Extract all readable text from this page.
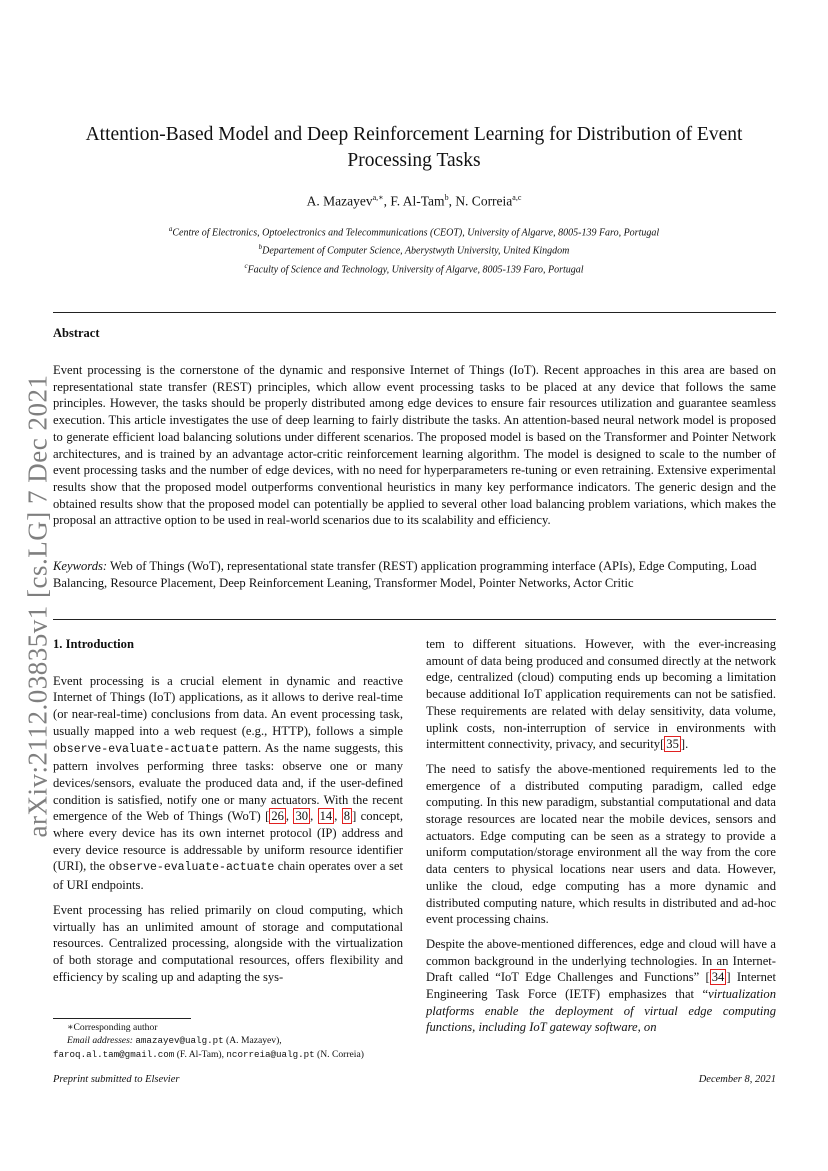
arXiv:2112.03835v1 [cs.LG] 7 Dec 2021
Attention-Based Model and Deep Reinforcement Learning for Distribution of Event
Processing Tasks
A. Mazayev$^{a,∗}$, F. Al-Tam$^b$, N. Correia$^{a,c}$
$^a$Centre of Electronics, Optoelectronics and Telecommunications (CEOT), University of Algarve, 8005-139 Faro, Portugal
$^b$Departement of Computer Science, Aberystwyth University, United Kingdom
$^c$Faculty of Science and Technology, University of Algarve, 8005-139 Faro, Portugal
Abstract
Event processing is the cornerstone of the dynamic and responsive Internet of Things (IoT). Recent approaches in this area are based on representational state transfer (REST) principles, which allow event processing tasks to be placed at any device that follows the same principles. However, the tasks should be properly distributed among edge devices to ensure fair resources utilization and guarantee seamless execution. This article investigates the use of deep learning to fairly distribute the tasks. An attention-based neural network model is proposed to generate efficient load balancing solutions under different scenarios. The proposed model is based on the Transformer and Pointer Network architectures, and is trained by an advantage actor-critic reinforcement learning algorithm. The model is designed to scale to the number of event processing tasks and the number of edge devices, with no need for hyperparameters re-tuning or even retraining. Extensive experimental results show that the proposed model outperforms conventional heuristics in many key performance indicators. The generic design and the obtained results show that the proposed model can potentially be applied to several other load balancing problem variations, which makes the proposal an attractive option to be used in real-world scenarios due to its scalability and efficiency.
Keywords: Web of Things (WoT), representational state transfer (REST) application programming interface (APIs), Edge Computing, Load Balancing, Resource Placement, Deep Reinforcement Leaning, Transformer Model, Pointer Networks, Actor Critic
1. Introduction

Event processing is a crucial element in dynamic and reactive Internet of Things (IoT) applications, as it allows to derive real-time (or near-real-time) conclusions from data. An event processing task, usually mapped into a web request (e.g., HTTP), follows a simple observe-evaluate-actuate pattern. As the name suggests, this pattern involves performing three tasks: observe one or many devices/sensors, evaluate the produced data and, if the user-defined condition is satisfied, notify one or many actuators. With the recent emergence of the Web of Things (WoT) [ 26 , 30 , 14 , 8 ] concept, where every device has its own internet protocol (IP) address and every device resource is addressable by uniform resource identifier (URI), the observe-evaluate-actuate chain operates over a set of URI endpoints.

Event processing has relied primarily on cloud computing, which virtually has an unlimited amount of storage and computational resources. Centralized processing, alongside with the virtualization of both storage and computational resources, offers flexibility and efficiency by scaling up and adapting the sys-

tem to different situations. However, with the ever-increasing amount of data being produced and consumed directly at the network edge, centralized (cloud) computing ends up becoming a limitation because additional IoT application requirements can not be satisfied. These requirements are related with delay sensitivity, data volume, uplink costs, non-interruption of service in environments with intermittent connectivity, privacy, and security[ 35 ].

The need to satisfy the above-mentioned requirements led to the emergence of a distributed computing paradigm, called edge computing. In this new paradigm, substantial computational and data storage resources are located near the mobile devices, sensors and actuators. Edge computing can be seen as a strategy to provide a uniform computation/storage environment all the way from the core data centers to physical locations near users and data. However, unlike the cloud, edge computing has a more dynamic and distributed computing nature, which results in distributed and ad-hoc event processing chains.

Despite the above-mentioned differences, edge and cloud will have a common background in the underlying technologies. In an Internet-Draft called “IoT Edge Challenges and Functions” [ 34 ] Internet Engineering Task Force (IETF) emphasizes that “virtualization platforms enable the deployment of virtual edge computing functions, including IoT gateway software, on

∗Corresponding author
Email addresses: amazayev@ualg.pt (A. Mazayev),
faroq.al.tam@gmail.com (F. Al-Tam), ncorreia@ualg.pt (N. Correia)
Preprint submitted to Elsevier	December 8, 2021
